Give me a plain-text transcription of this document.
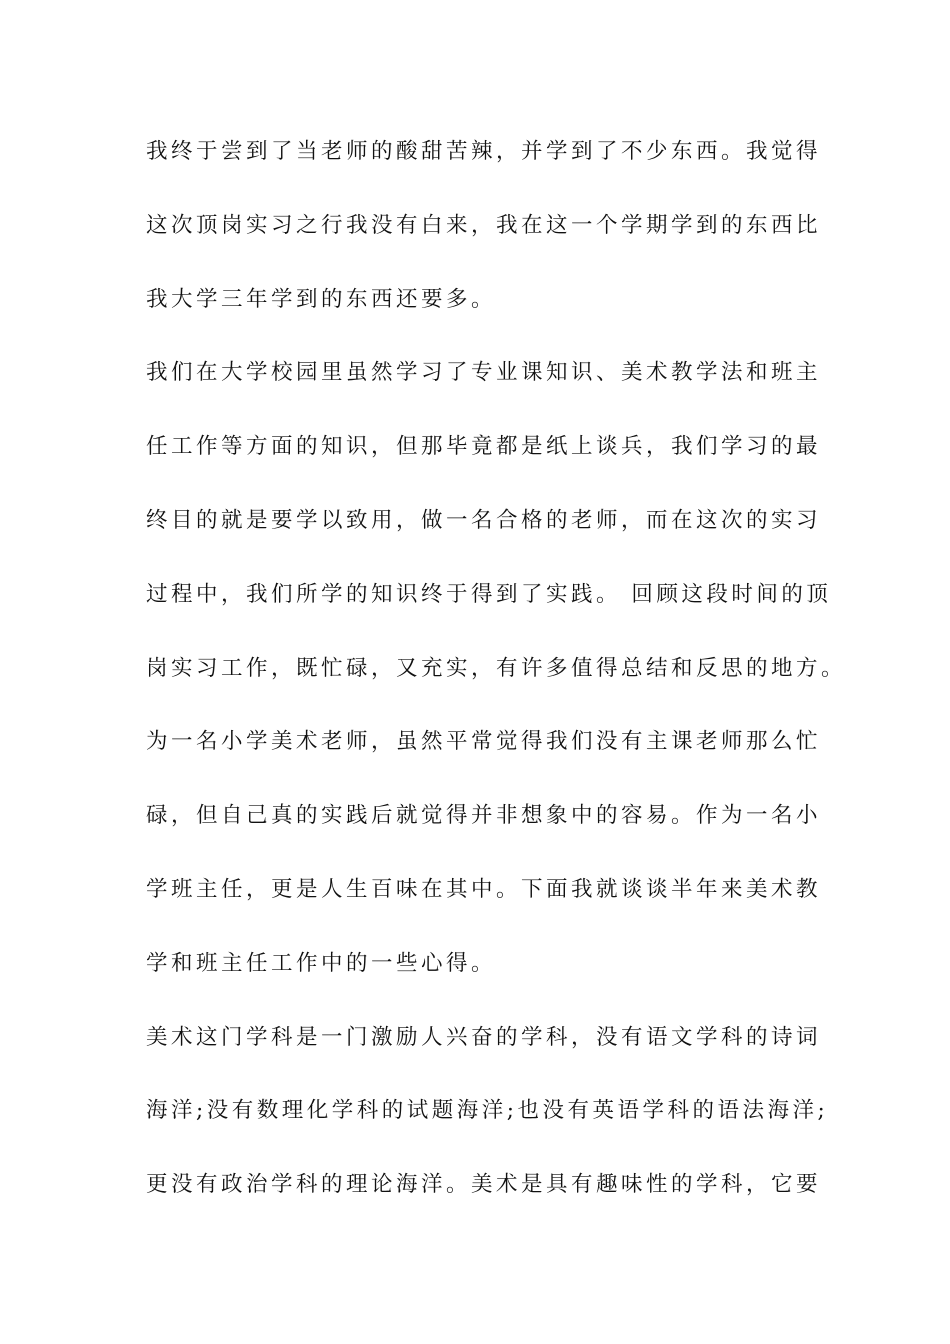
我终于尝到了当老师的酸甜苦辣，并学到了不少东西。我觉得
这次顶岗实习之行我没有白来，我在这一个学期学到的东西比
我大学三年学到的东西还要多。
我们在大学校园里虽然学习了专业课知识、美术教学法和班主
任工作等方面的知识，但那毕竟都是纸上谈兵，我们学习的最
终目的就是要学以致用，做一名合格的老师，而在这次的实习
过程中，我们所学的知识终于得到了实践。 回顾这段时间的顶
岗实习工作，既忙碌，又充实，有许多值得总结和反思的地方。
为一名小学美术老师，虽然平常觉得我们没有主课老师那么忙
碌，但自己真的实践后就觉得并非想象中的容易。作为一名小
学班主任，更是人生百味在其中。下面我就谈谈半年来美术教
学和班主任工作中的一些心得。
美术这门学科是一门激励人兴奋的学科，没有语文学科的诗词
海洋;没有数理化学科的试题海洋;也没有英语学科的语法海洋;
更没有政治学科的理论海洋。美术是具有趣味性的学科，它要
